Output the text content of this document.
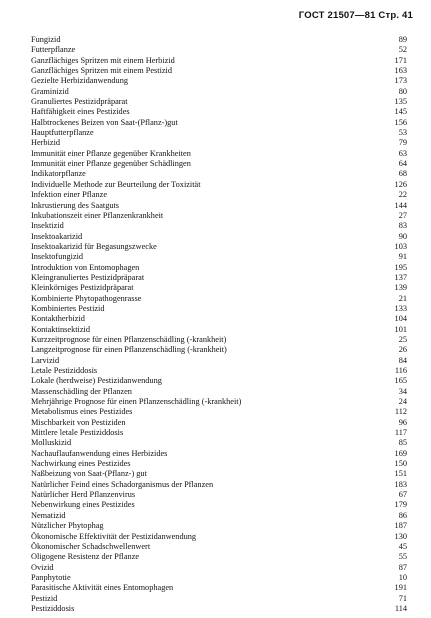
ГОСТ 21507—81 Стр. 41
Fungizid	89
Futterpflanze	52
Ganzflächiges Spritzen mit einem Herbizid	171
Ganzflächiges Spritzen mit einem Pestizid	163
Gezielte Herbizidanwendung	173
Graminizid	80
Granuliertes Pestizidpräparat	135
Haftfähigkeit eines Pestizides	145
Halbtrockenes Beizen von Saat-(Pflanz-)gut	156
Hauptfutterpflanze	53
Herbizid	79
Immunität einer Pflanze gegenüber Krankheiten	63
Immunität einer Pflanze gegenüber Schädlingen	64
Indikatorpflanze	68
Individuelle Methode zur Beurteilung der Toxizität	126
Infektion einer Pflanze	22
Inkrustierung des Saatguts	144
Inkubationszeit einer Pflanzenkrankheit	27
Insektizid	83
Insektoakarizid	90
Insektoakarizid für Begasungszwecke	103
Insektofungizid	91
Introduktion von Entomophagen	195
Kleingranuliertes Pestizidpräparat	137
Kleinkörniges Pestizidpräparat	139
Kombinierte Phytopathogenrasse	21
Kombiniertes Pestizid	133
Kontaktherbizid	104
Kontaktinsektizid	101
Kurzzeitprognose für einen Pflanzenschädling (-krankheit)	25
Langzeitprognose für einen Pflanzenschädling (-krankheit)	26
Larvizid	84
Letale Pestiziddosis	116
Lokale (herdweise) Pestizidanwendung	165
Massenschädling der Pflanzen	34
Mehrjährige Prognose für einen Pflanzenschädling (-krankheit)	24
Metabolismus eines Pestizides	112
Mischbarkeit von Pestiziden	96
Mittlere letale Pestiziddosis	117
Molluskizid	85
Nachauflaufanwendung eines Herbizides	169
Nachwirkung eines Pestizides	150
Naßbeizung von Saat-(Pflanz-) gut	151
Natürlicher Feind eines Schadorganismus der Pflanzen	183
Natürlicher Herd Pflanzenvirus	67
Nebenwirkung eines Pestizides	179
Nematizid	86
Nützlicher Phytophag	187
Ökonomische Effektivität der Pestizidanwendung	130
Ökonomischer Schadschwellenwert	45
Oligogene Resistenz der Pflanze	55
Ovizid	87
Panphytotie	10
Parasitische Aktivität eines Entomophagen	191
Pestizid	71
Pestiziddosis	114
